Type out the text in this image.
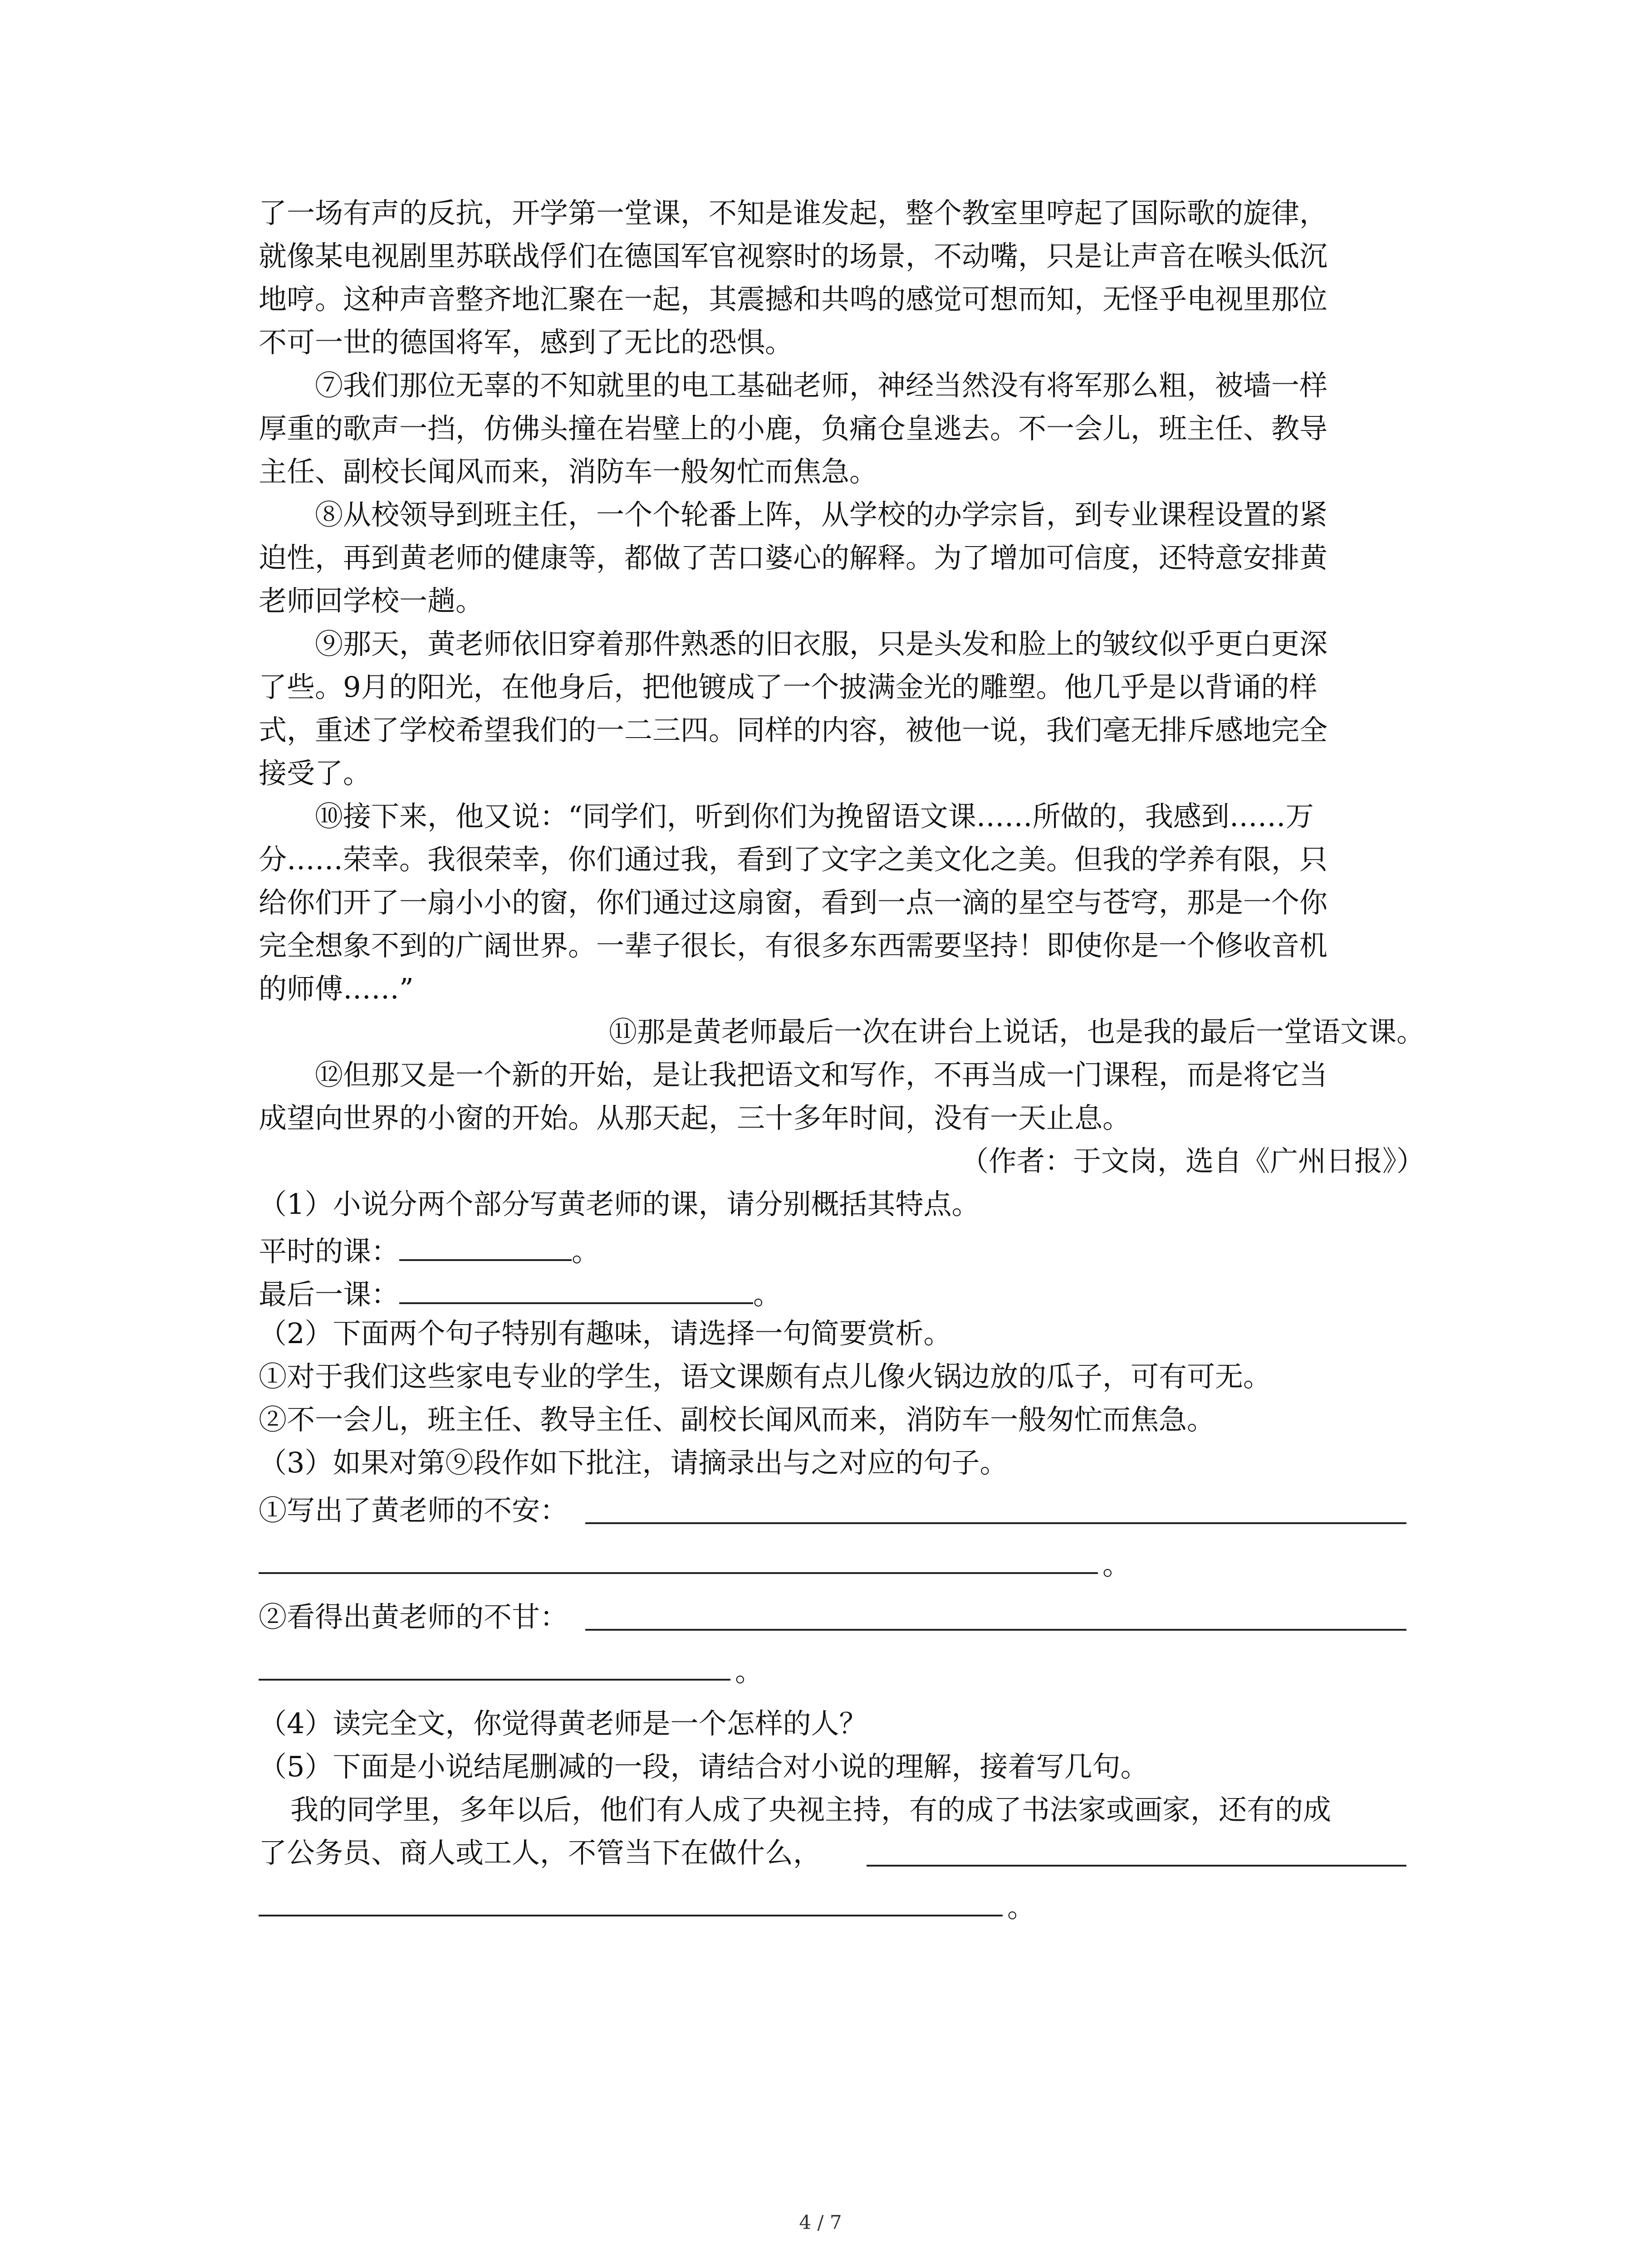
了一场有声的反抗，开学第一堂课，不知是谁发起，整个教室里哼起了国际歌的旋律，
就像某电视剧里苏联战俘们在德国军官视察时的场景，不动嘴，只是让声音在喉头低沉
地哼。这种声音整齐地汇聚在一起，其震撼和共鸣的感觉可想而知，无怪乎电视里那位
不可一世的德国将军，感到了无比的恐惧。
⑦我们那位无辜的不知就里的电工基础老师，神经当然没有将军那么粗，被墙一样
厚重的歌声一挡，仿佛头撞在岩壁上的小鹿，负痛仓皇逃去。不一会儿，班主任、教导
主任、副校长闻风而来，消防车一般匆忙而焦急。
⑧从校领导到班主任，一个个轮番上阵，从学校的办学宗旨，到专业课程设置的紧
迫性，再到黄老师的健康等，都做了苦口婆心的解释。为了增加可信度，还特意安排黄
老师回学校一趟。
⑨那天，黄老师依旧穿着那件熟悉的旧衣服，只是头发和脸上的皱纹似乎更白更深
了些。9月的阳光，在他身后，把他镀成了一个披满金光的雕塑。他几乎是以背诵的样
式，重述了学校希望我们的一二三四。同样的内容，被他一说，我们毫无排斥感地完全
接受了。
⑩接下来，他又说：“同学们，听到你们为挽留语文课……所做的，我感到……万
分……荣幸。我很荣幸，你们通过我，看到了文字之美文化之美。但我的学养有限，只
给你们开了一扇小小的窗，你们通过这扇窗，看到一点一滴的星空与苍穹，那是一个你
完全想象不到的广阔世界。一辈子很长，有很多东西需要坚持！即使你是一个修收音机
的师傅……”
⑪那是黄老师最后一次在讲台上说话，也是我的最后一堂语文课。
⑫但那又是一个新的开始，是让我把语文和写作，不再当成一门课程，而是将它当
成望向世界的小窗的开始。从那天起，三十多年时间，没有一天止息。
（作者：于文岗，选自《广州日报》）
（1）小说分两个部分写黄老师的课，请分别概括其特点。
平时的课：	。
最后一课：	。
（2）下面两个句子特别有趣味，请选择一句简要赏析。
①对于我们这些家电专业的学生，语文课颇有点儿像火锅边放的瓜子，可有可无。
②不一会儿，班主任、教导主任、副校长闻风而来，消防车一般匆忙而焦急。
（3）如果对第⑨段作如下批注，请摘录出与之对应的句子。
①写出了黄老师的不安：
。
②看得出黄老师的不甘：
。
（4）读完全文，你觉得黄老师是一个怎样的人？
（5）下面是小说结尾删减的一段，请结合对小说的理解，接着写几句。
我的同学里，多年以后，他们有人成了央视主持，有的成了书法家或画家，还有的成
了公务员、商人或工人，不管当下在做什么，
。
4 / 7
